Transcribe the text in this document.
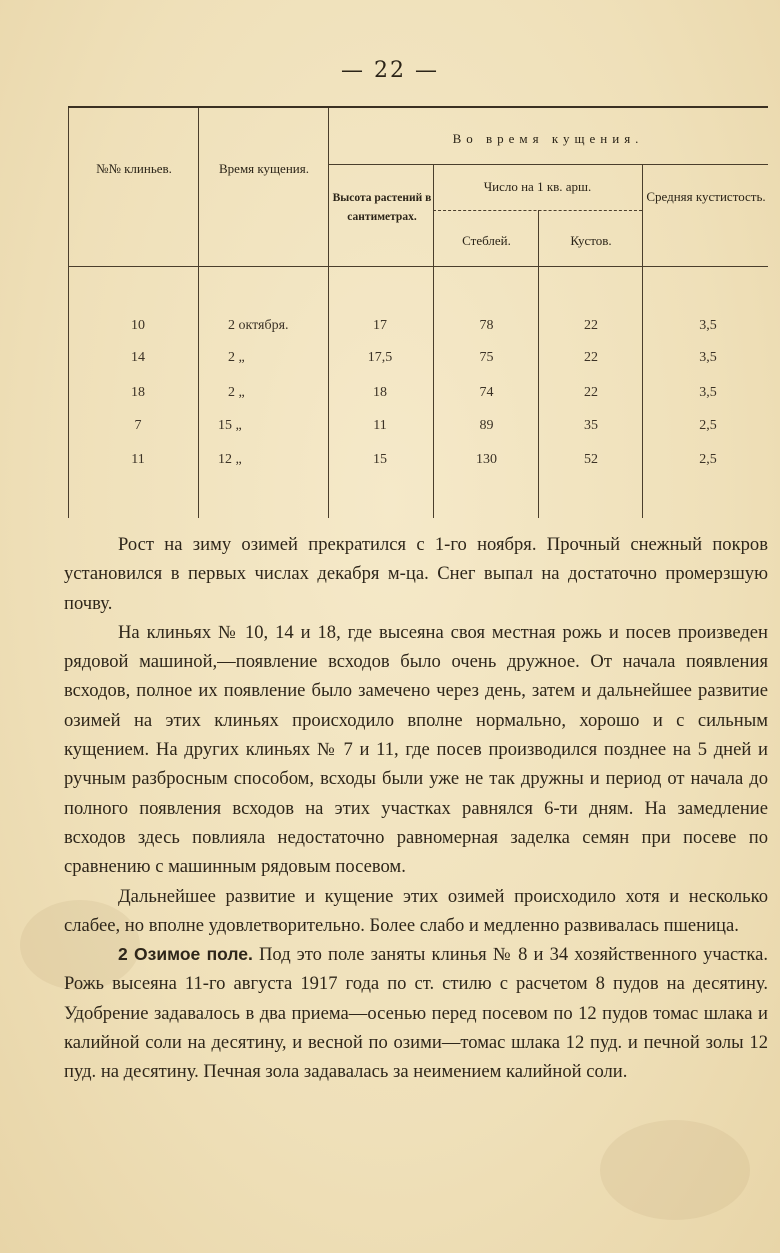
— 22 —
№№ клиньев.	Время кущения.
Во время кущения.
Высота растений в сантиметрах.
Число на 1 кв. арш.
Стеблей.	Кустов.
Средняя кустистость.
10	2 октября.	17	78	22	3,5
14	2 „	17,5	75	22	3,5
18	2 „	18	74	22	3,5
7	15 „	11	89	35	2,5
11	12 „	15	130	52	2,5

Рост на зиму озимей прекратился с 1-го ноября. Прочный снежный покров установился в первых числах декабря м-ца. Снег выпал на достаточно промерзшую почву.

На клиньях № 10, 14 и 18, где высеяна своя местная рожь и посев произведен рядовой машиной,—появление всходов было очень дружное. От начала появления всходов, полное их появление было замечено через день, затем и дальнейшее развитие озимей на этих клиньях происходило вполне нормально, хорошо и с сильным кущением. На других клиньях № 7 и 11, где посев производился позднее на 5 дней и ручным разбросным способом, всходы были уже не так дружны и период от начала до полного появления всходов на этих участках равнялся 6-ти дням. На замедление всходов здесь повлияла недостаточно равномерная заделка семян при посеве по сравнению с машинным рядовым посевом.

Дальнейшее развитие и кущение этих озимей происходило хотя и несколько слабее, но вполне удовлетворительно. Более слабо и медленно развивалась пшеница.

2 Озимое поле. Под это поле заняты клинья № 8 и 34 хозяйственного участка. Рожь высеяна 11-го августа 1917 года по ст. стилю с расчетом 8 пудов на десятину. Удобрение задавалось в два приема—осенью перед посевом по 12 пудов томас шлака и калийной соли на десятину, и весной по озими—томас шлака 12 пуд. и печной золы 12 пуд. на десятину. Печная зола задавалась за неимением калийной соли.
